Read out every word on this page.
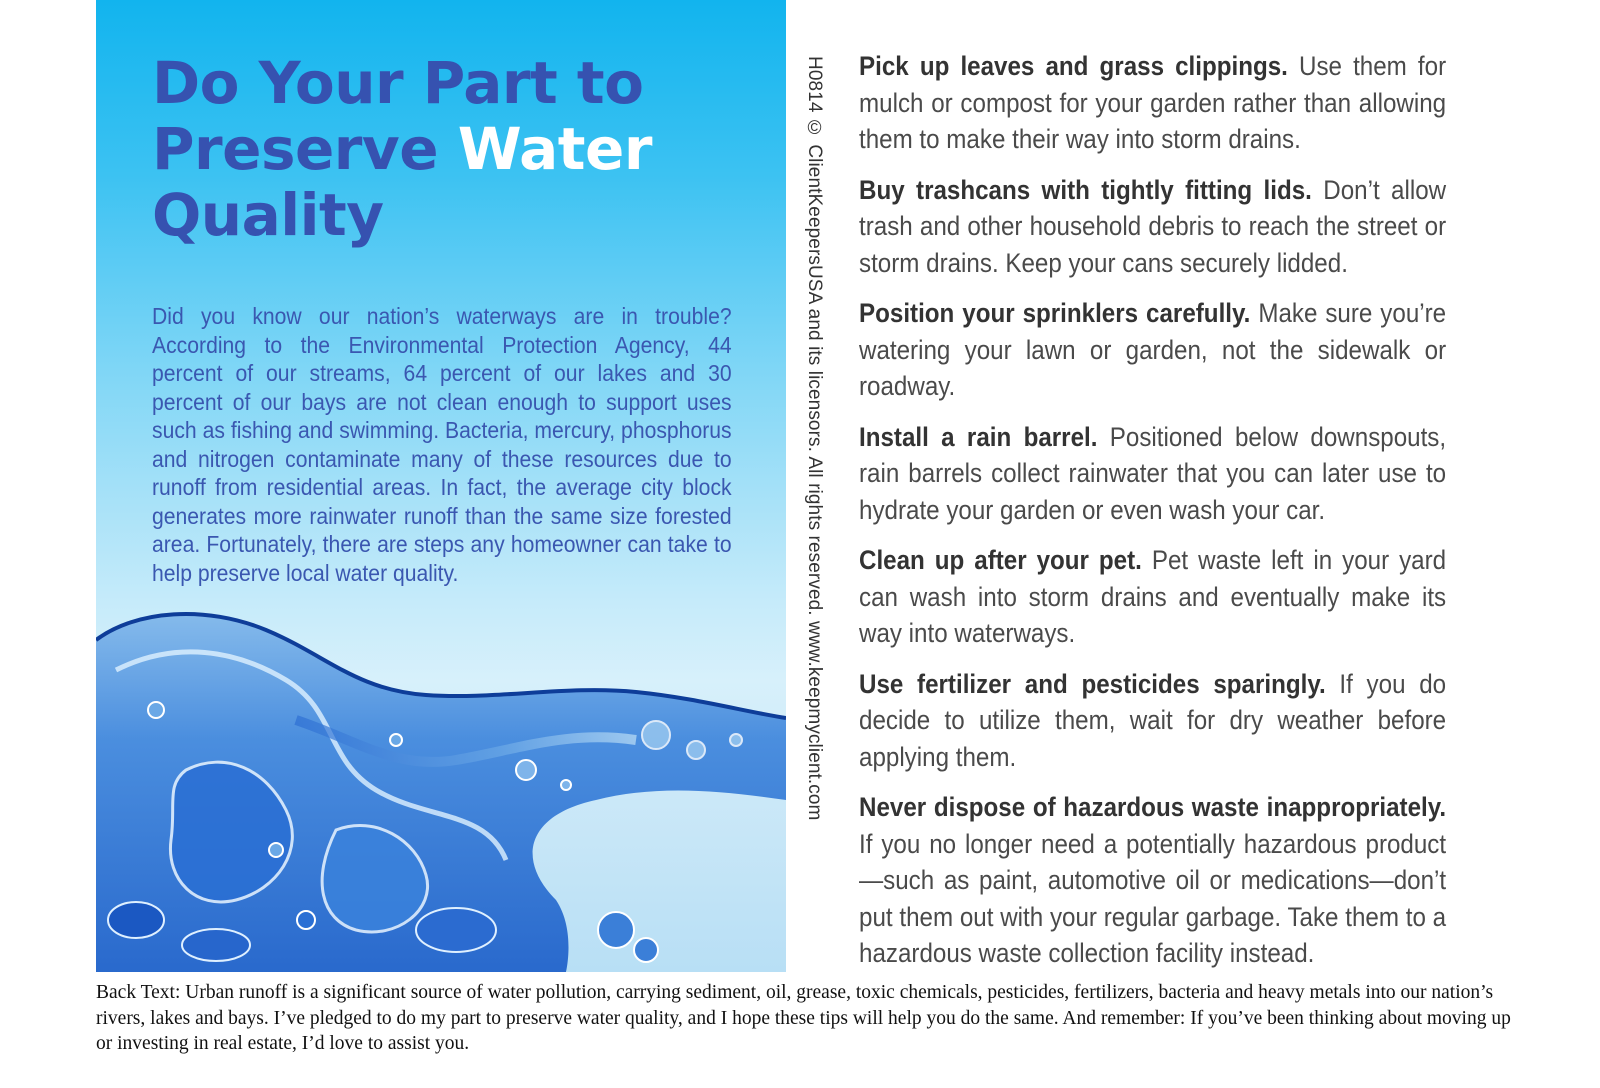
Do Your Part to
Preserve Water
Quality

Did you know our nation’s waterways are in trouble? According to the Environmental Protection Agency, 44 percent of our streams, 64 percent of our lakes and 30 percent of our bays are not clean enough to support uses such as fishing and swimming. Bacteria, mercury, phosphorus and nitrogen contaminate many of these resources due to runoff from residential areas. In fact, the average city block generates more rainwater runoff than the same size forested area. Fortunately, there are steps any homeowner can take to help preserve local water quality.	H0814 © ClientKeepersUSA and its licensors. All rights reserved. www.keepmyclient.com Pick up leaves and grass clippings. Use them for mulch or compost for your garden rather than allowing them to make their way into storm drains.

Buy trashcans with tightly fitting lids. Don’t allow trash and other household debris to reach the street or storm drains. Keep your cans securely lidded.

Position your sprinklers carefully. Make sure you’re watering your lawn or garden, not the sidewalk or roadway.

Install a rain barrel. Positioned below downspouts, rain barrels collect rainwater that you can later use to hydrate your garden or even wash your car.

Clean up after your pet. Pet waste left in your yard can wash into storm drains and eventually make its way into waterways.

Use fertilizer and pesticides sparingly. If you do decide to utilize them, wait for dry weather before applying them.

Never dispose of hazardous waste inappropriately. If you no longer need a potentially hazardous product—such as paint, automotive oil or medications—don’t put them out with your regular garbage. Take them to a hazardous waste collection facility instead.

Back Text: Urban runoff is a significant source of water pollution, carrying sediment, oil, grease, toxic chemicals, pesticides, fertilizers, bacteria and heavy metals into our nation’s rivers, lakes and bays. I’ve pledged to do my part to preserve water quality, and I hope these tips will help you do the same. And remember: If you’ve been thinking about moving up or investing in real estate, I’d love to assist you.
